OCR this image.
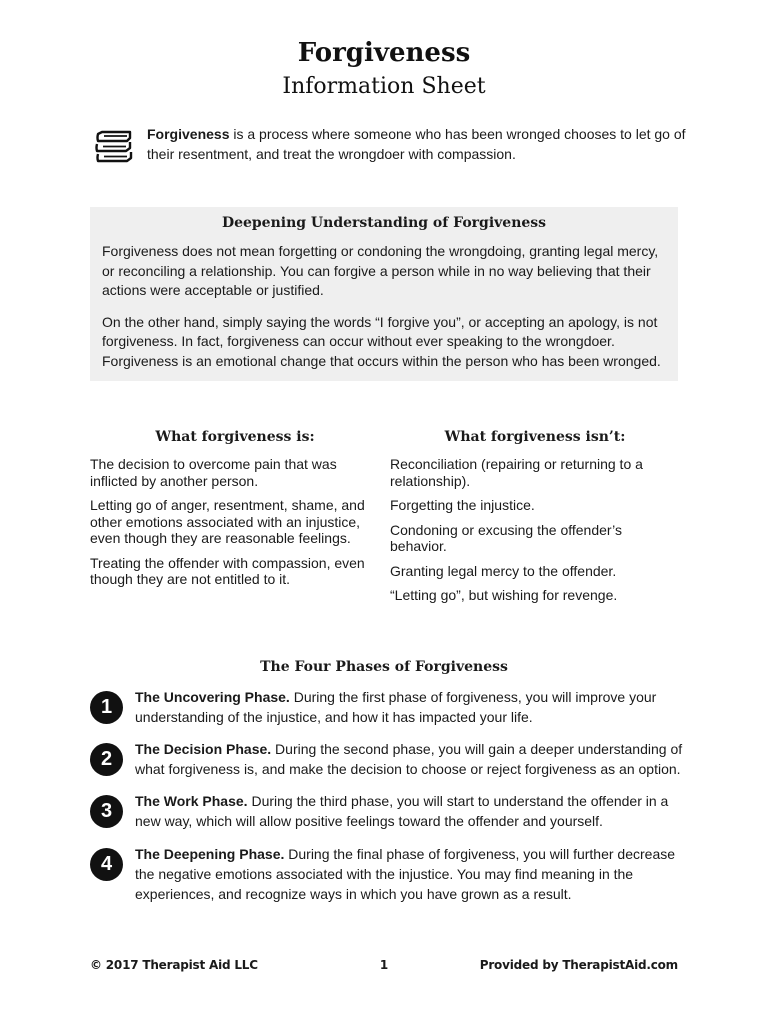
Forgiveness
Information Sheet

Forgiveness is a process where someone who has been wronged chooses to let go of their resentment, and treat the wrongdoer with compassion.

Deepening Understanding of Forgiveness

Forgiveness does not mean forgetting or condoning the wrongdoing, granting legal mercy, or reconciling a relationship. You can forgive a person while in no way believing that their actions were acceptable or justified.

On the other hand, simply saying the words “I forgive you”, or accepting an apology, is not forgiveness. In fact, forgiveness can occur without ever speaking to the wrongdoer. Forgiveness is an emotional change that occurs within the person who has been wronged.

What forgiveness is:
The decision to overcome pain that was inflicted by another person.
Letting go of anger, resentment, shame, and other emotions associated with an injustice, even though they are reasonable feelings.
Treating the offender with compassion, even though they are not entitled to it.
What forgiveness isn’t:
Reconciliation (repairing or returning to a relationship).
Forgetting the injustice.
Condoning or excusing the offender’s behavior.
Granting legal mercy to the offender.
“Letting go”, but wishing for revenge.
The Four Phases of Forgiveness
1	The Uncovering Phase. During the first phase of forgiveness, you will improve your understanding of the injustice, and how it has impacted your life.

2	The Decision Phase. During the second phase, you will gain a deeper understanding of what forgiveness is, and make the decision to choose or reject forgiveness as an option.

3	The Work Phase. During the third phase, you will start to understand the offender in a new way, which will allow positive feelings toward the offender and yourself.

4	The Deepening Phase. During the final phase of forgiveness, you will further decrease the negative emotions associated with the injustice. You may find meaning in the experiences, and recognize ways in which you have grown as a result.

© 2017 Therapist Aid LLC	1	Provided by TherapistAid.com
